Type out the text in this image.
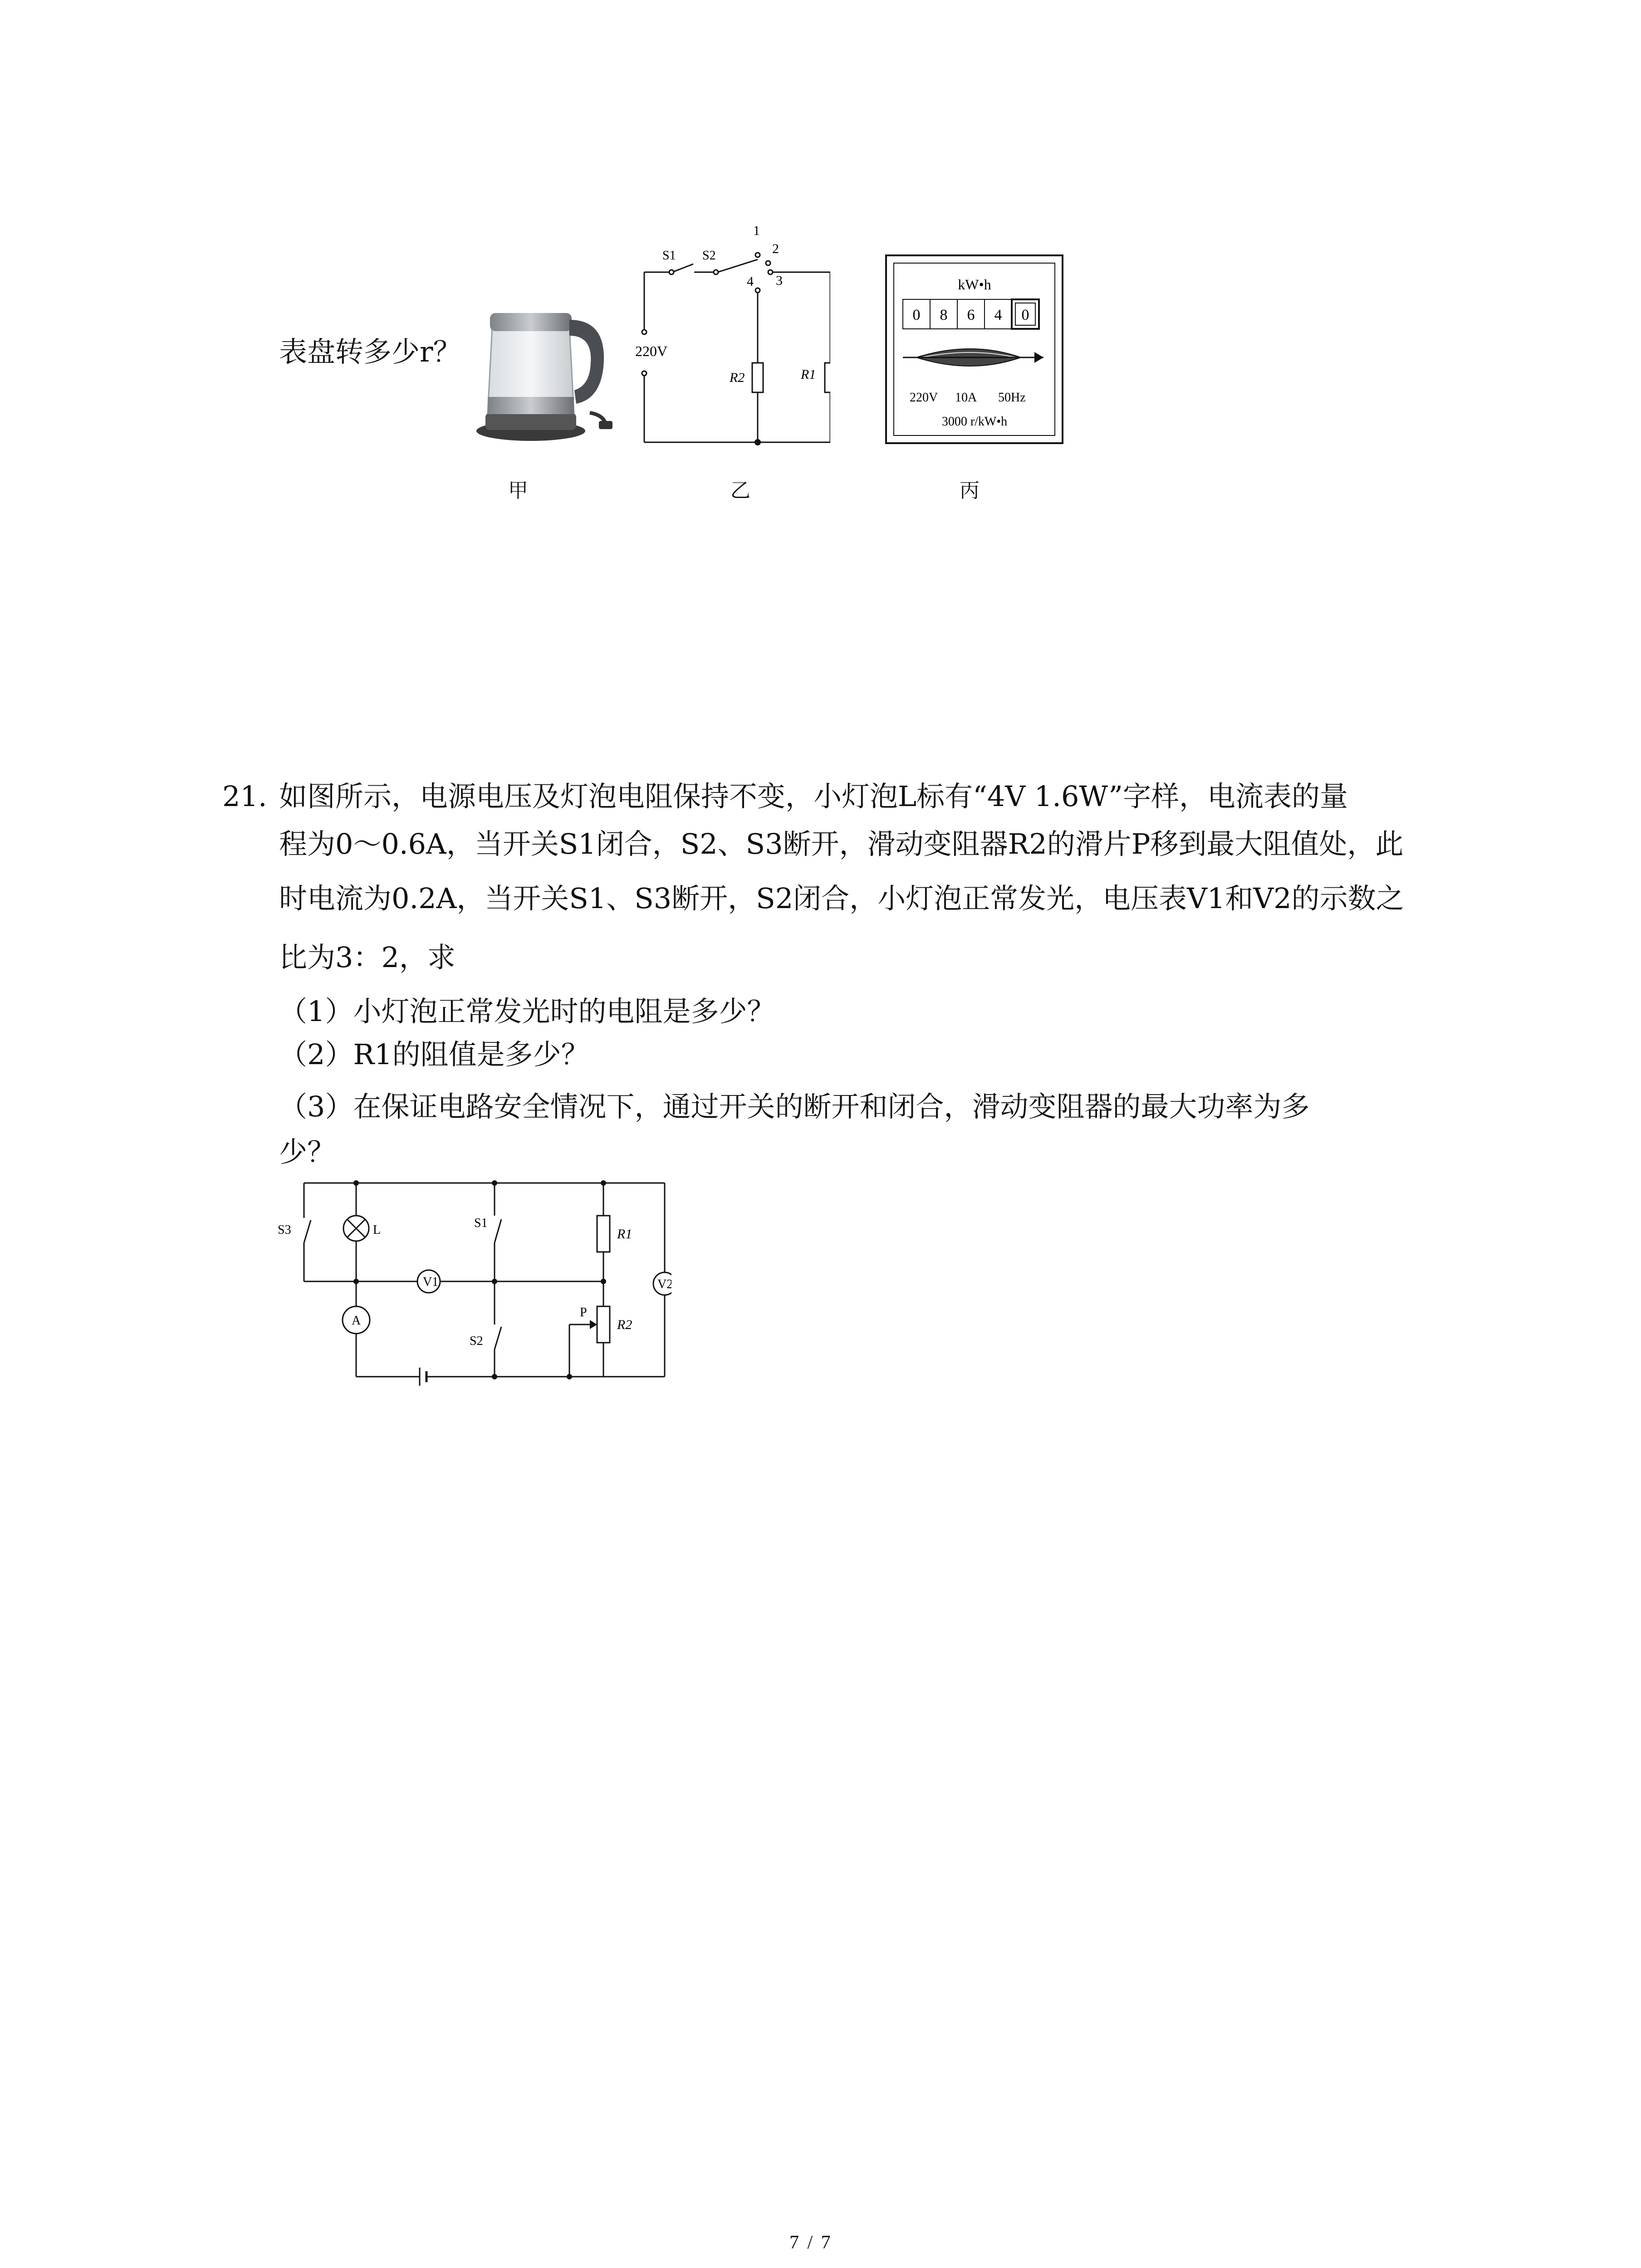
表盘转多少r？	220V
S1 S2
1
2
3
4
R2	R1
kW•h
0 8 6 4 0
220V 10A 50Hz
3000 r/kW•h
甲	乙	丙
21. 如图所示，电源电压及灯泡电阻保持不变，小灯泡L标有“4V 1.6W”字样，电流表的量
程为0～0.6A，当开关S1闭合，S2、S3断开，滑动变阻器R2的滑片P移到最大阻值处，此
时电流为0.2A，当开关S1、S3断开，S2闭合，小灯泡正常发光，电压表V1和V2的示数之
比为3：2，求
（1）小灯泡正常发光时的电阻是多少？
（2）R1的阻值是多少？
（3）在保证电路安全情况下，通过开关的断开和闭合，滑动变阻器的最大功率为多
少？
S3	L	S1
R1
V1	V2
A
S2
P
R2
7 / 7
